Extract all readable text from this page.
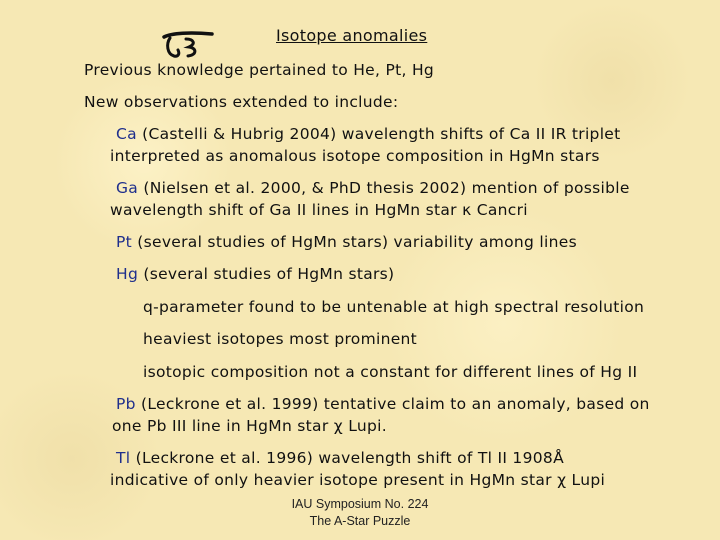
Isotope anomalies
Previous knowledge pertained to He, Pt, Hg
New observations extended to include:
Ca (Castelli & Hubrig 2004) wavelength shifts of Ca II IR triplet
interpreted as anomalous isotope composition in HgMn stars
Ga (Nielsen et al. 2000, & PhD thesis 2002) mention of possible
wavelength shift of Ga II lines in HgMn star κ Cancri
Pt (several studies of HgMn stars) variability among lines
Hg (several studies of HgMn stars)
q-parameter found to be untenable at high spectral resolution
heaviest isotopes most prominent
isotopic composition not a constant for different lines of Hg II
Pb (Leckrone et al. 1999) tentative claim to an anomaly, based on
one Pb III line in HgMn star χ Lupi.
Tl (Leckrone et al. 1996) wavelength shift of Tl II 1908Å
indicative of only heavier isotope present in HgMn star χ Lupi
IAU Symposium No. 224
The A-Star Puzzle
